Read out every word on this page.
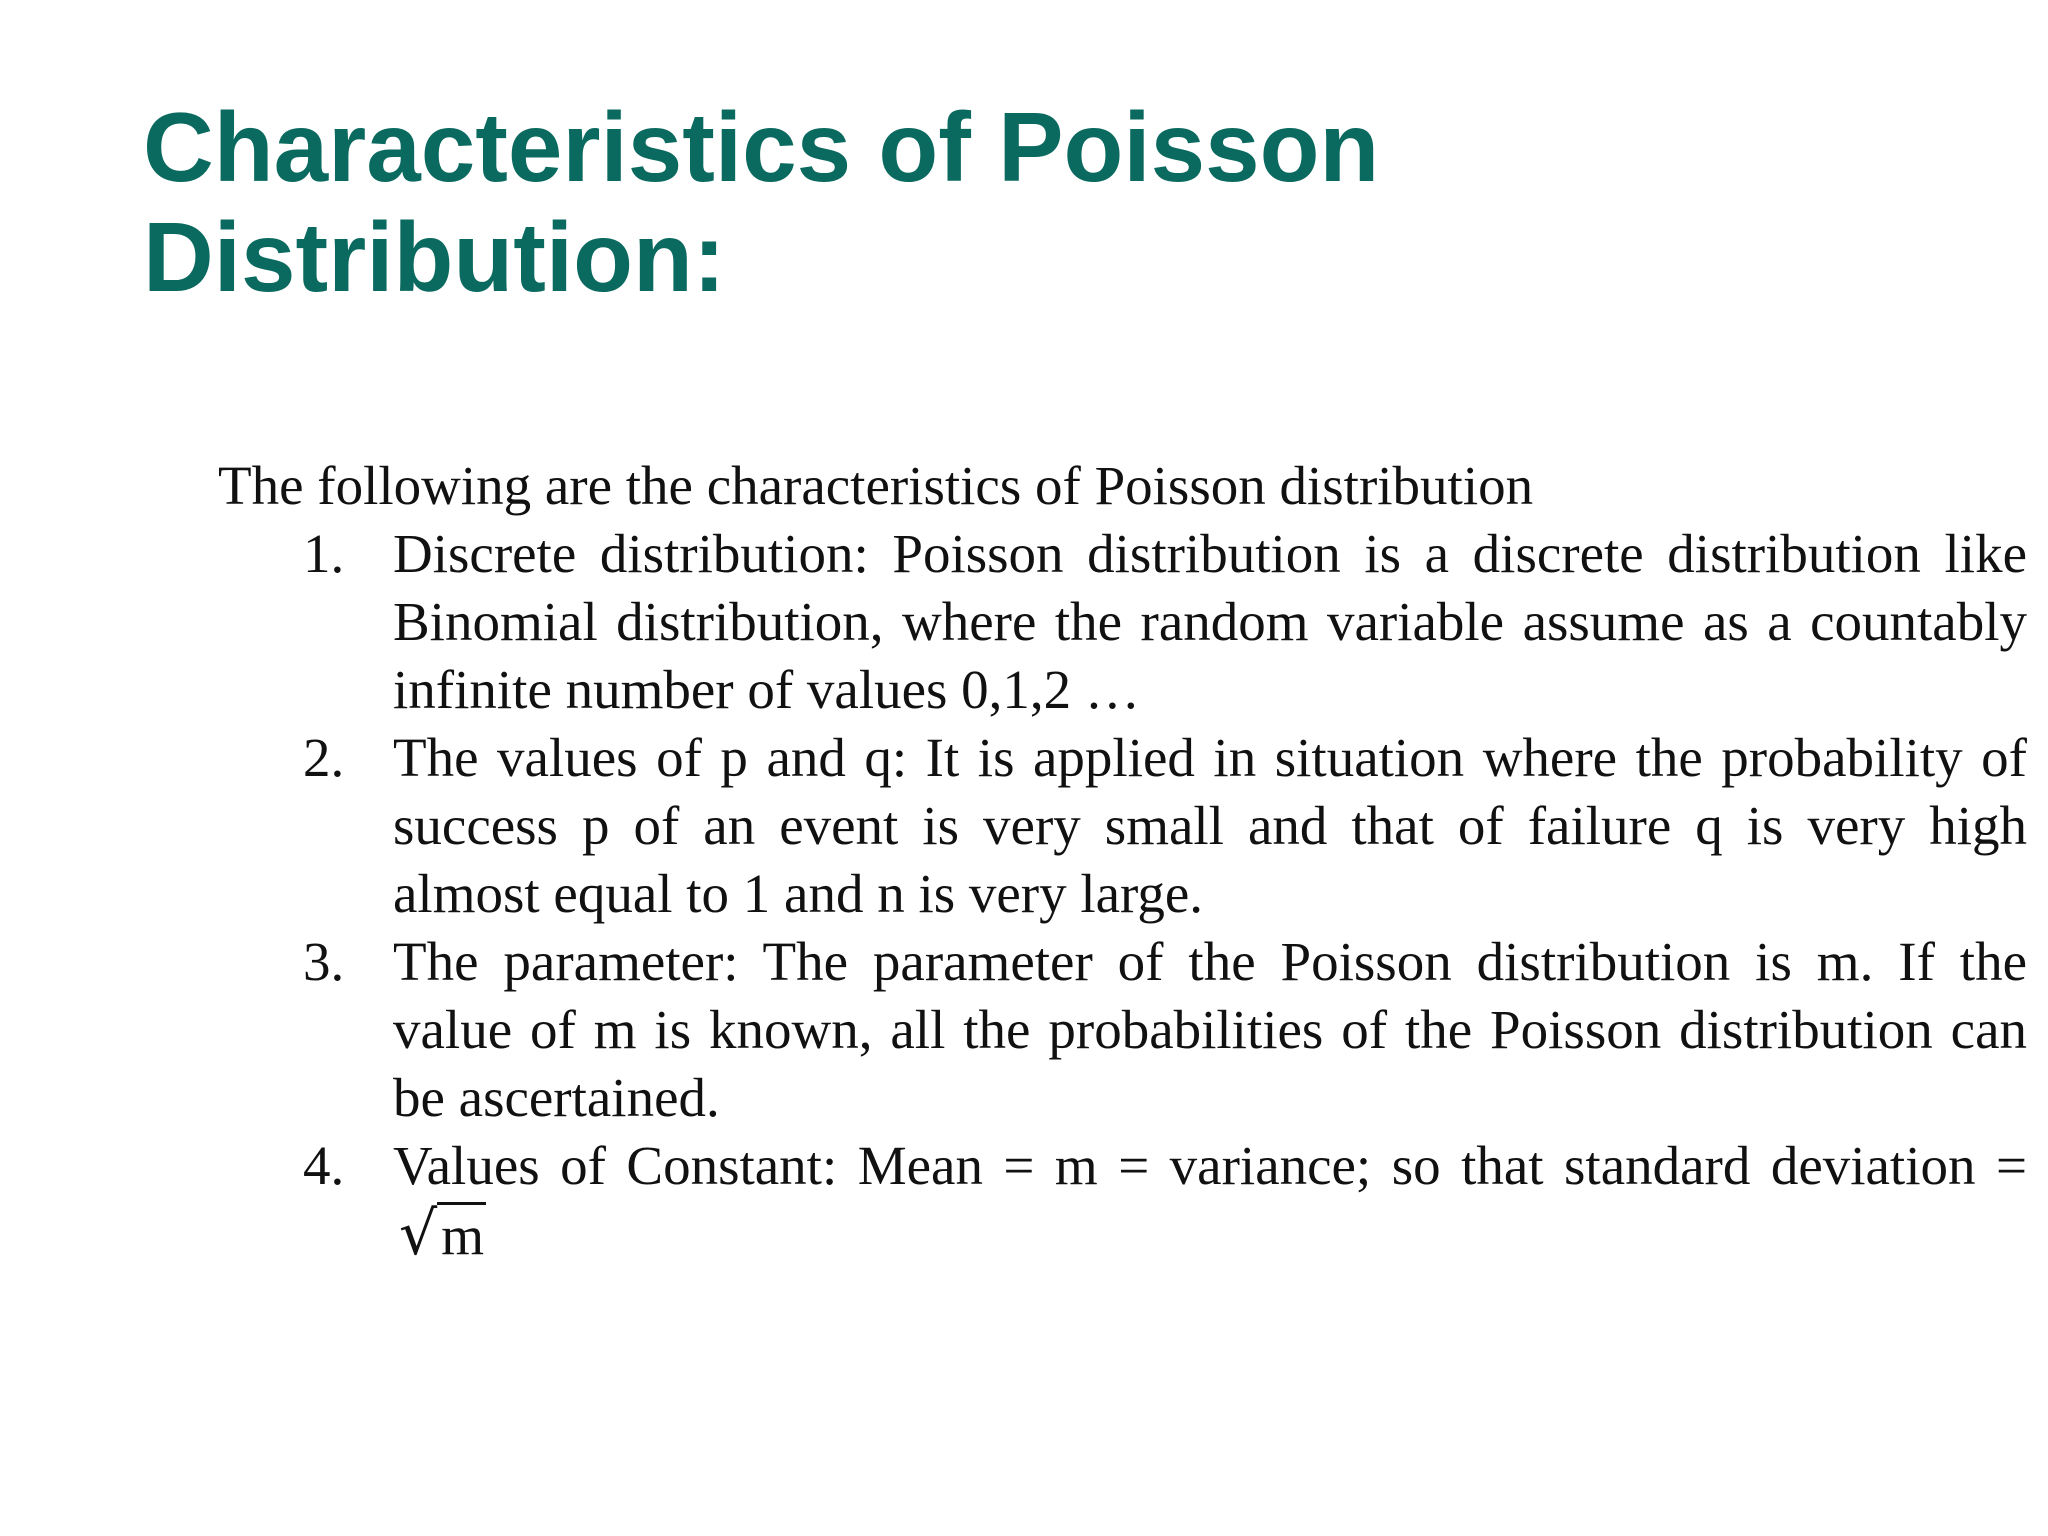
Characteristics of Poisson Distribution:

The following are the characteristics of Poisson distribution

1. Discrete distribution: Poisson distribution is a discrete distribution like Binomial distribution, where the random variable assume as a countably infinite number of values 0,1,2 …
2. The values of p and q: It is applied in situation where the probability of success p of an event is very small and that of failure q is very high almost equal to 1 and n is very large.
3. The parameter: The parameter of the Poisson distribution is m. If the value of m is known, all the probabilities of the Poisson distribution can be ascertained.
4. Values of Constant: Mean = m = variance; so that standard deviation = √m
